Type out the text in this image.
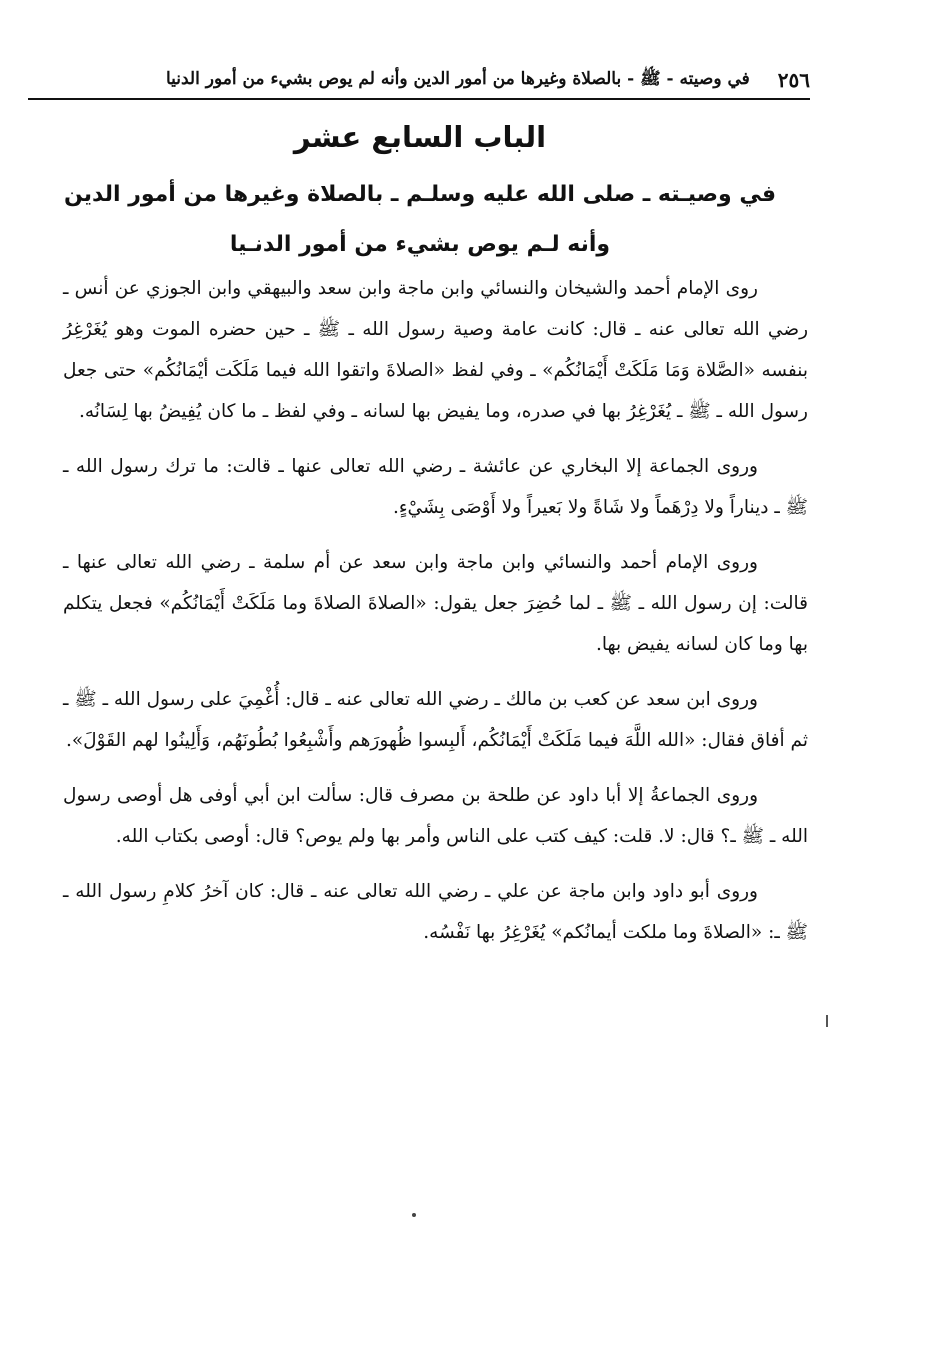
٢٥٦
في وصيته - ﷺ - بالصلاة وغيرها من أمور الدين وأنه لم يوص بشيء من أمور الدنيا
الباب السابع عشر
في وصيـته ـ صلى الله عليه وسلـم ـ بالصلاة وغيرها من أمور الدين
وأنه لـم يوص بشيء من أمور الدنـيا

روى الإمام أحمد والشيخان والنسائي وابن ماجة وابن سعد والبيهقي وابن الجوزي عن أنس ـ رضي الله تعالى عنه ـ قال: كانت عامة وصية رسول الله ـ ﷺ ـ حين حضره الموت وهو يُغَرْغِرُ بنفسه «الصَّلاة وَمَا مَلَكَتْ أَيْمَانُكُم» ـ وفي لفظ «الصلاةَ واتقوا الله فيما مَلَكَت أيْمَانُكُم» حتى جعل رسول الله ـ ﷺ ـ يُغَرْغِرُ بها في صدره، وما يفيض بها لسانه ـ وفي لفظ ـ ما كان يُفِيضُ بها لِسَانُه.

وروى الجماعة إلا البخاري عن عائشة ـ رضي الله تعالى عنها ـ قالت: ما ترك رسول الله ـ ﷺ ـ ديناراً ولا دِرْهَماً ولا شَاةً ولا بَعيراً ولا أَوْصَى بِشَيْءٍ.

وروى الإمام أحمد والنسائي وابن ماجة وابن سعد عن أم سلمة ـ رضي الله تعالى عنها ـ قالت: إن رسول الله ـ ﷺ ـ لما حُضِرَ جعل يقول: «الصلاةَ الصلاةَ وما مَلَكَتْ أَيْمَانُكُم» فجعل يتكلم بها وما كان لسانه يفيض بها.

وروى ابن سعد عن كعب بن مالك ـ رضي الله تعالى عنه ـ قال: أُغْمِيَ على رسول الله ـ ﷺ ـ ثم أفاق فقال: «الله اللَّهَ فيما مَلَكَتْ أَيْمَانُكُم، أَلبِسوا ظُهورَهم وأَشْبِعُوا بُطُونَهُم، وَأَلِينُوا لهم القَوْلَ».

وروى الجماعةُ إلا أبا داود عن طلحة بن مصرف قال: سألت ابن أبي أوفى هل أوصى رسول الله ـ ﷺ ـ؟ قال: لا. قلت: كيف كتب على الناس وأمر بها ولم يوص؟ قال: أوصى بكتاب الله.

وروى أبو داود وابن ماجة عن علي ـ رضي الله تعالى عنه ـ قال: كان آخرُ كلامِ رسول الله ـ ﷺ ـ: «الصلاةَ وما ملكت أيمانُكم» يُغَرْغِرُ بها نَفْسُه.
